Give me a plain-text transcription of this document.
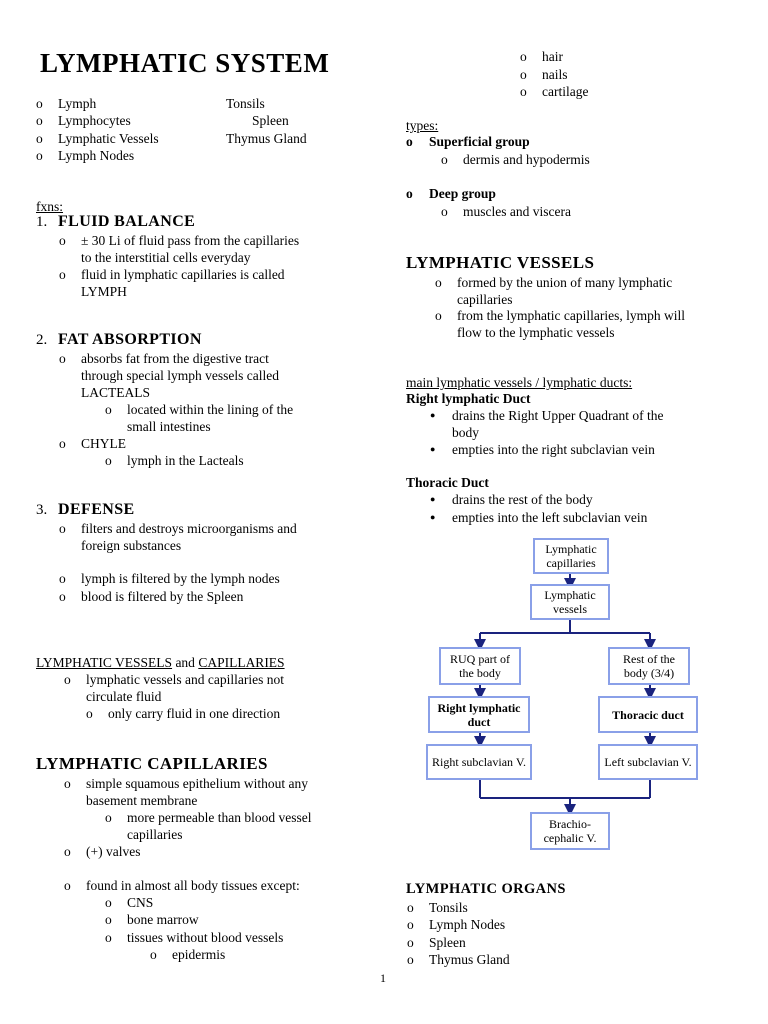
LYMPHATIC SYSTEM
o Lymph
o Lymphocytes
o Lymphatic Vessels
o Lymph Nodes
Tonsils
Spleen
Thymus Gland
fxns:
1. FLUID BALANCE
o ± 30 Li of fluid pass from the capillaries
to the interstitial cells everyday
o fluid in lymphatic capillaries is called
LYMPH
2. FAT ABSORPTION
o absorbs fat from the digestive tract
through special lymph vessels called
LACTEALS
o located within the lining of the
small intestines
o CHYLE
o lymph in the Lacteals
3. DEFENSE
o filters and destroys microorganisms and
foreign substances
o lymph is filtered by the lymph nodes
o blood is filtered by the Spleen
LYMPHATIC VESSELS and CAPILLARIES
o lymphatic vessels and capillaries not
circulate fluid
o only carry fluid in one direction
LYMPHATIC CAPILLARIES
o simple squamous epithelium without any
basement membrane
o more permeable than blood vessel
capillaries
o (+) valves
o found in almost all body tissues except:
o CNS
o bone marrow
o tissues without blood vessels
o epidermis
o hair
o nails
o cartilage
types:
o Superficial group
o dermis and hypodermis
o Deep group
o muscles and viscera
LYMPHATIC VESSELS
o formed by the union of many lymphatic
capillaries
o from the lymphatic capillaries, lymph will
flow to the lymphatic vessels
main lymphatic vessels / lymphatic ducts:
Right lymphatic Duct
● drains the Right Upper Quadrant of the
body
● empties into the right subclavian vein
Thoracic Duct
● drains the rest of the body
● empties into the left subclavian vein
Lymphatic capillaries
Lymphatic vessels
RUQ part of the body
Rest of the body (3/4)
Right lymphatic duct	Thoracic duct
Right subclavian V.	Left subclavian V.
Brachio-cephalic V.
LYMPHATIC ORGANS
o Tonsils
o Lymph Nodes
o Spleen
o Thymus Gland
1
